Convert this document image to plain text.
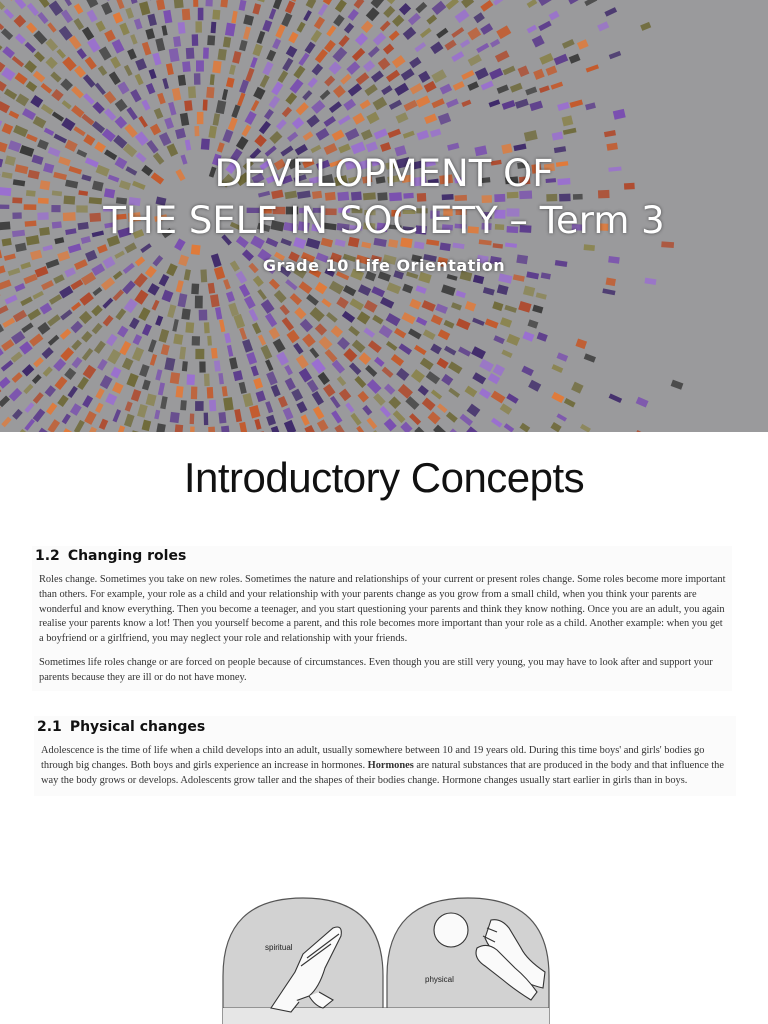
DEVELOPMENT OF
THE SELF IN SOCIETY – Term 3
Grade 10 Life Orientation
Introductory Concepts
1.2 Changing roles

Roles change. Sometimes you take on new roles. Sometimes the nature and relationships of your current or present roles change. Some roles become more important than others. For example, your role as a child and your relationship with your parents change as you grow from a small child, when you think your parents are wonderful and know everything. Then you become a teenager, and you start questioning your parents and think they know nothing. Once you are an adult, you again realise your parents know a lot! Then you yourself become a parent, and this role becomes more important than your role as a child. Another example: when you get a boyfriend or a girlfriend, you may neglect your role and relationship with your friends.

Sometimes life roles change or are forced on people because of circumstances. Even though you are still very young, you may have to look after and support your parents because they are ill or do not have money.

2.1 Physical changes

Adolescence is the time of life when a child develops into an adult, usually somewhere between 10 and 19 years old. During this time boys' and girls' bodies go through big changes. Both boys and girls experience an increase in hormones. Hormones are natural substances that are produced in the body and that influence the way the body grows or develops. Adolescents grow taller and the shapes of their bodies change. Hormone changes usually start earlier in girls than in boys.

spiritual
physical
